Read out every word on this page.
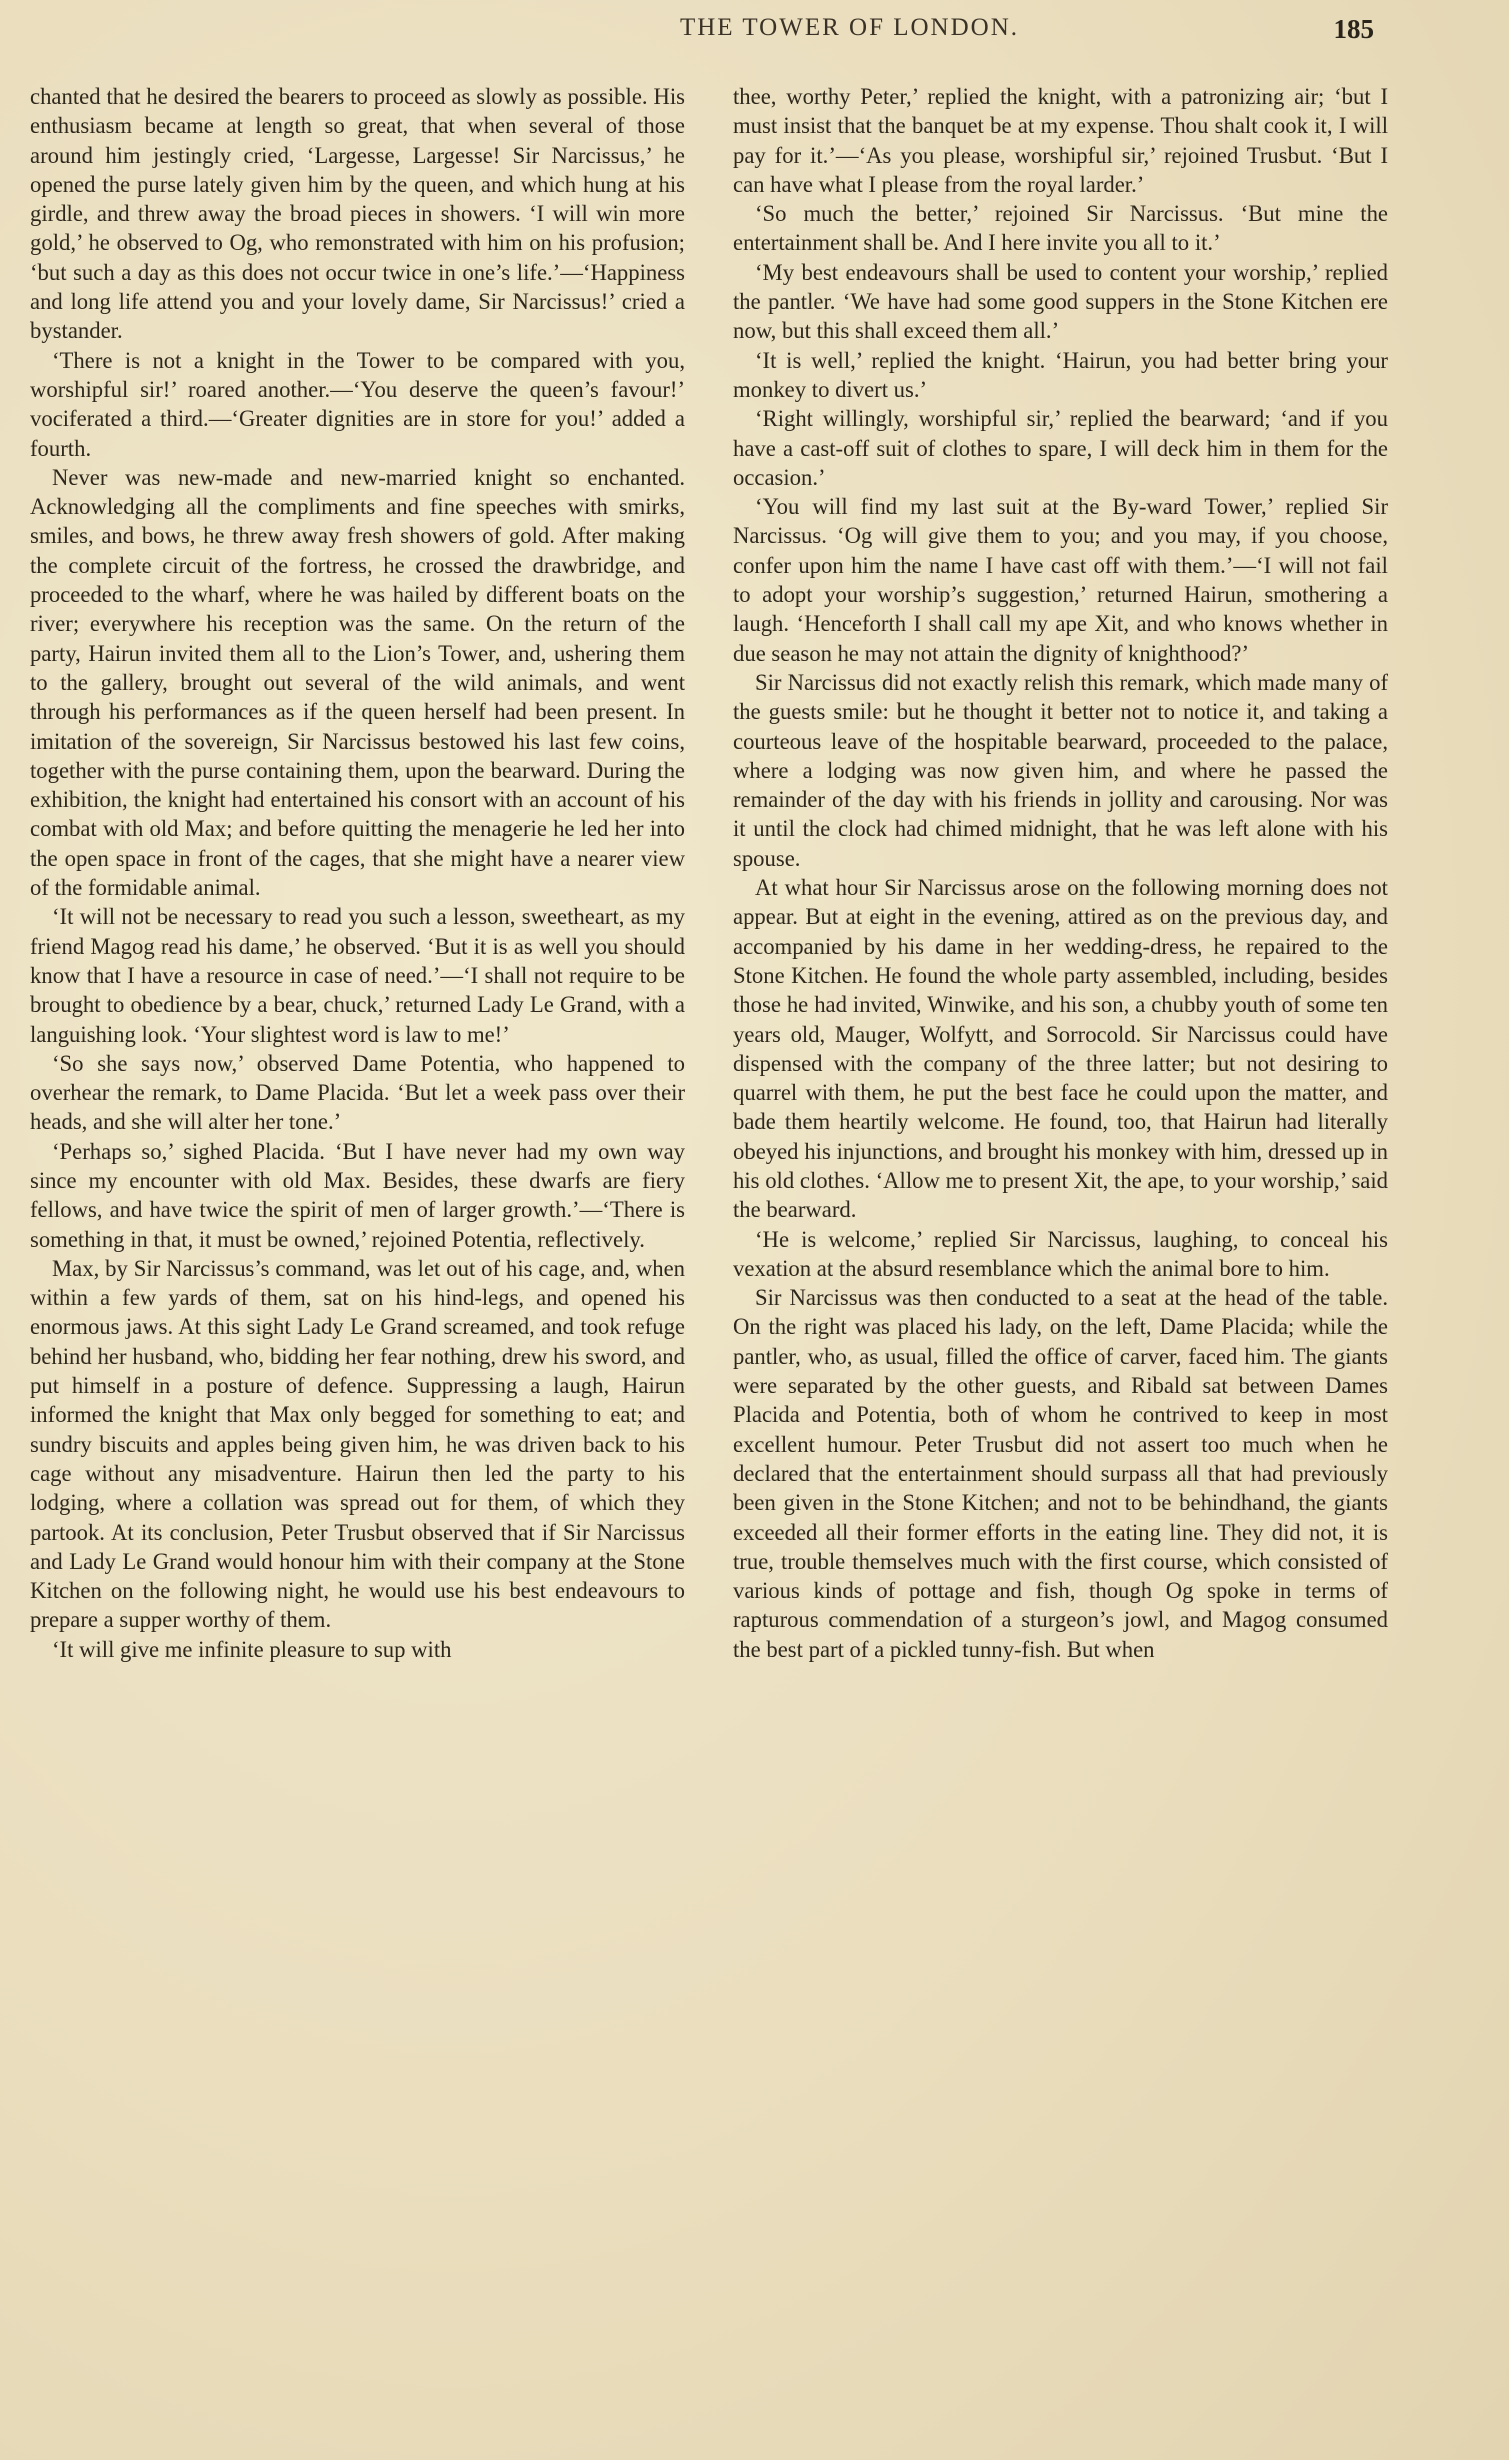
THE TOWER OF LONDON.	185

chanted that he desired the bearers to proceed as slowly as possible. His enthusiasm became at length so great, that when several of those around him jestingly cried, ‘Largesse, Largesse! Sir Narcissus,’ he opened the purse lately given him by the queen, and which hung at his girdle, and threw away the broad pieces in showers. ‘I will win more gold,’ he observed to Og, who remonstrated with him on his profusion; ‘but such a day as this does not occur twice in one’s life.’—‘Happiness and long life attend you and your lovely dame, Sir Narcissus!’ cried a bystander.

‘There is not a knight in the Tower to be compared with you, worshipful sir!’ roared another.—‘You deserve the queen’s favour!’ vociferated a third.—‘Greater dignities are in store for you!’ added a fourth.

Never was new-made and new-married knight so enchanted. Acknowledging all the compliments and fine speeches with smirks, smiles, and bows, he threw away fresh showers of gold. After making the complete circuit of the fortress, he crossed the drawbridge, and proceeded to the wharf, where he was hailed by different boats on the river; everywhere his reception was the same. On the return of the party, Hairun invited them all to the Lion’s Tower, and, ushering them to the gallery, brought out several of the wild animals, and went through his performances as if the queen herself had been present. In imitation of the sovereign, Sir Narcissus bestowed his last few coins, together with the purse containing them, upon the bearward. During the exhibition, the knight had entertained his consort with an account of his combat with old Max; and before quitting the menagerie he led her into the open space in front of the cages, that she might have a nearer view of the formidable animal.

‘It will not be necessary to read you such a lesson, sweetheart, as my friend Magog read his dame,’ he observed. ‘But it is as well you should know that I have a resource in case of need.’—‘I shall not require to be brought to obedience by a bear, chuck,’ returned Lady Le Grand, with a languishing look. ‘Your slightest word is law to me!’

‘So she says now,’ observed Dame Potentia, who happened to overhear the remark, to Dame Placida. ‘But let a week pass over their heads, and she will alter her tone.’

‘Perhaps so,’ sighed Placida. ‘But I have never had my own way since my encounter with old Max. Besides, these dwarfs are fiery fellows, and have twice the spirit of men of larger growth.’—‘There is something in that, it must be owned,’ rejoined Potentia, reflectively.

Max, by Sir Narcissus’s command, was let out of his cage, and, when within a few yards of them, sat on his hind-legs, and opened his enormous jaws. At this sight Lady Le Grand screamed, and took refuge behind her husband, who, bidding her fear nothing, drew his sword, and put himself in a posture of defence. Suppressing a laugh, Hairun informed the knight that Max only begged for something to eat; and sundry biscuits and apples being given him, he was driven back to his cage without any misadventure. Hairun then led the party to his lodging, where a collation was spread out for them, of which they partook. At its conclusion, Peter Trusbut observed that if Sir Narcissus and Lady Le Grand would honour him with their company at the Stone Kitchen on the following night, he would use his best endeavours to prepare a supper worthy of them.

‘It will give me infinite pleasure to sup with

thee, worthy Peter,’ replied the knight, with a patronizing air; ‘but I must insist that the banquet be at my expense. Thou shalt cook it, I will pay for it.’—‘As you please, worshipful sir,’ rejoined Trusbut. ‘But I can have what I please from the royal larder.’

‘So much the better,’ rejoined Sir Narcissus. ‘But mine the entertainment shall be. And I here invite you all to it.’

‘My best endeavours shall be used to content your worship,’ replied the pantler. ‘We have had some good suppers in the Stone Kitchen ere now, but this shall exceed them all.’

‘It is well,’ replied the knight. ‘Hairun, you had better bring your monkey to divert us.’

‘Right willingly, worshipful sir,’ replied the bearward; ‘and if you have a cast-off suit of clothes to spare, I will deck him in them for the occasion.’

‘You will find my last suit at the By-ward Tower,’ replied Sir Narcissus. ‘Og will give them to you; and you may, if you choose, confer upon him the name I have cast off with them.’—‘I will not fail to adopt your worship’s suggestion,’ returned Hairun, smothering a laugh. ‘Henceforth I shall call my ape Xit, and who knows whether in due season he may not attain the dignity of knighthood?’

Sir Narcissus did not exactly relish this remark, which made many of the guests smile: but he thought it better not to notice it, and taking a courteous leave of the hospitable bearward, proceeded to the palace, where a lodging was now given him, and where he passed the remainder of the day with his friends in jollity and carousing. Nor was it until the clock had chimed midnight, that he was left alone with his spouse.

At what hour Sir Narcissus arose on the following morning does not appear. But at eight in the evening, attired as on the previous day, and accompanied by his dame in her wedding-dress, he repaired to the Stone Kitchen. He found the whole party assembled, including, besides those he had invited, Winwike, and his son, a chubby youth of some ten years old, Mauger, Wolfytt, and Sorrocold. Sir Narcissus could have dispensed with the company of the three latter; but not desiring to quarrel with them, he put the best face he could upon the matter, and bade them heartily welcome. He found, too, that Hairun had literally obeyed his injunctions, and brought his monkey with him, dressed up in his old clothes. ‘Allow me to present Xit, the ape, to your worship,’ said the bearward.

‘He is welcome,’ replied Sir Narcissus, laughing, to conceal his vexation at the absurd resemblance which the animal bore to him.

Sir Narcissus was then conducted to a seat at the head of the table. On the right was placed his lady, on the left, Dame Placida; while the pantler, who, as usual, filled the office of carver, faced him. The giants were separated by the other guests, and Ribald sat between Dames Placida and Potentia, both of whom he contrived to keep in most excellent humour. Peter Trusbut did not assert too much when he declared that the entertainment should surpass all that had previously been given in the Stone Kitchen; and not to be behindhand, the giants exceeded all their former efforts in the eating line. They did not, it is true, trouble themselves much with the first course, which consisted of various kinds of pottage and fish, though Og spoke in terms of rapturous commendation of a sturgeon’s jowl, and Magog consumed the best part of a pickled tunny-fish. But when
